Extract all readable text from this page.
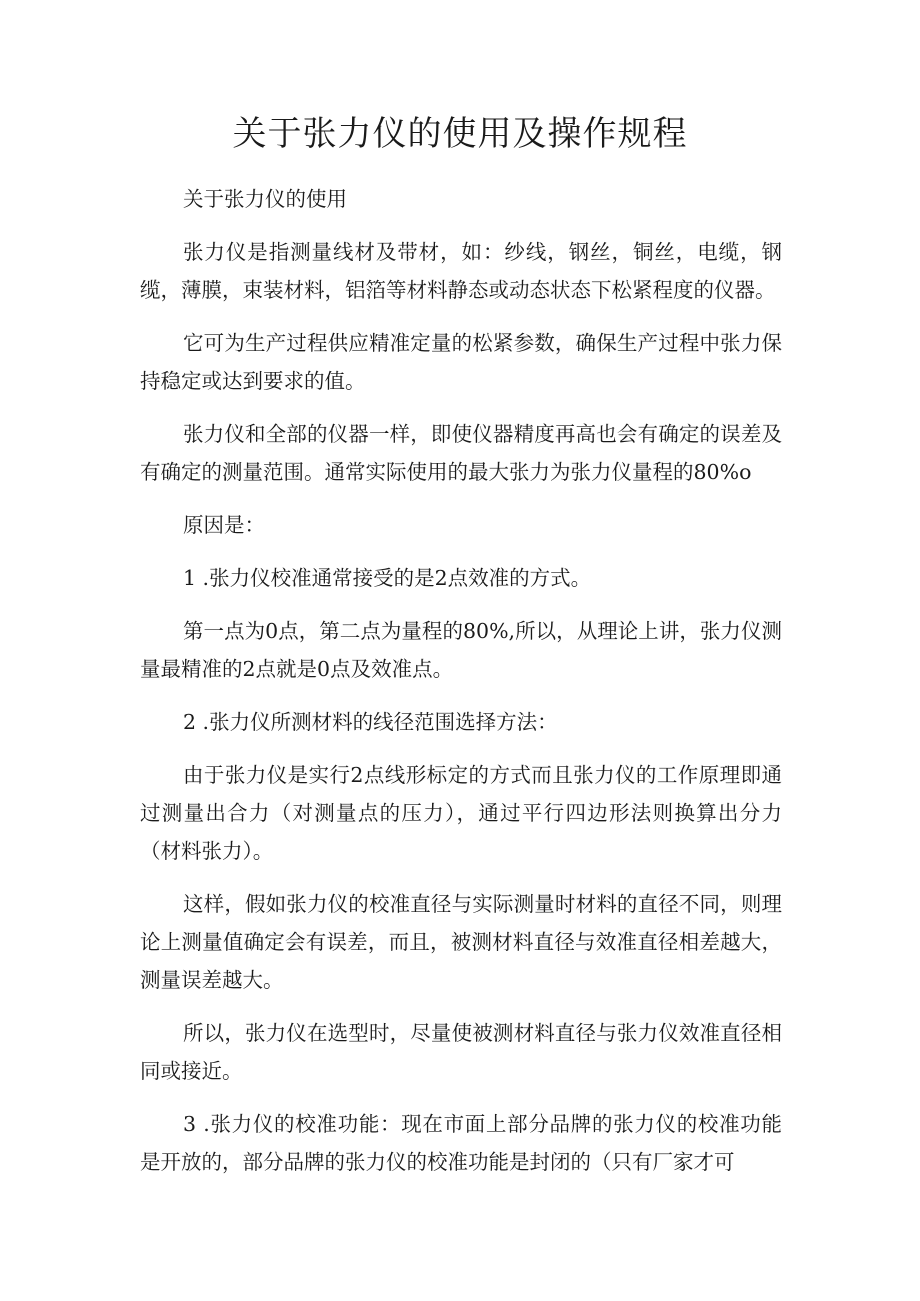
关于张力仪的使用及操作规程

关于张力仪的使用

张力仪是指测量线材及带材，如：纱线，钢丝，铜丝，电缆，钢缆，薄膜，束装材料，铝箔等材料静态或动态状态下松紧程度的仪器。

它可为生产过程供应精准定量的松紧参数，确保生产过程中张力保持稳定或达到要求的值。

张力仪和全部的仪器一样，即使仪器精度再高也会有确定的误差及有确定的测量范围。通常实际使用的最大张力为张力仪量程的80%o

原因是：

1 .张力仪校准通常接受的是2点效准的方式。

第一点为0点，第二点为量程的80%,所以，从理论上讲，张力仪测量最精准的2点就是0点及效准点。

2 .张力仪所测材料的线径范围选择方法：

由于张力仪是实行2点线形标定的方式而且张力仪的工作原理即通过测量出合力（对测量点的压力），通过平行四边形法则换算出分力（材料张力）。

这样，假如张力仪的校准直径与实际测量时材料的直径不同，则理论上测量值确定会有误差，而且，被测材料直径与效准直径相差越大，测量误差越大。

所以，张力仪在选型时，尽量使被测材料直径与张力仪效准直径相同或接近。

3 .张力仪的校准功能：现在市面上部分品牌的张力仪的校准功能是开放的，部分品牌的张力仪的校准功能是封闭的（只有厂家才可
